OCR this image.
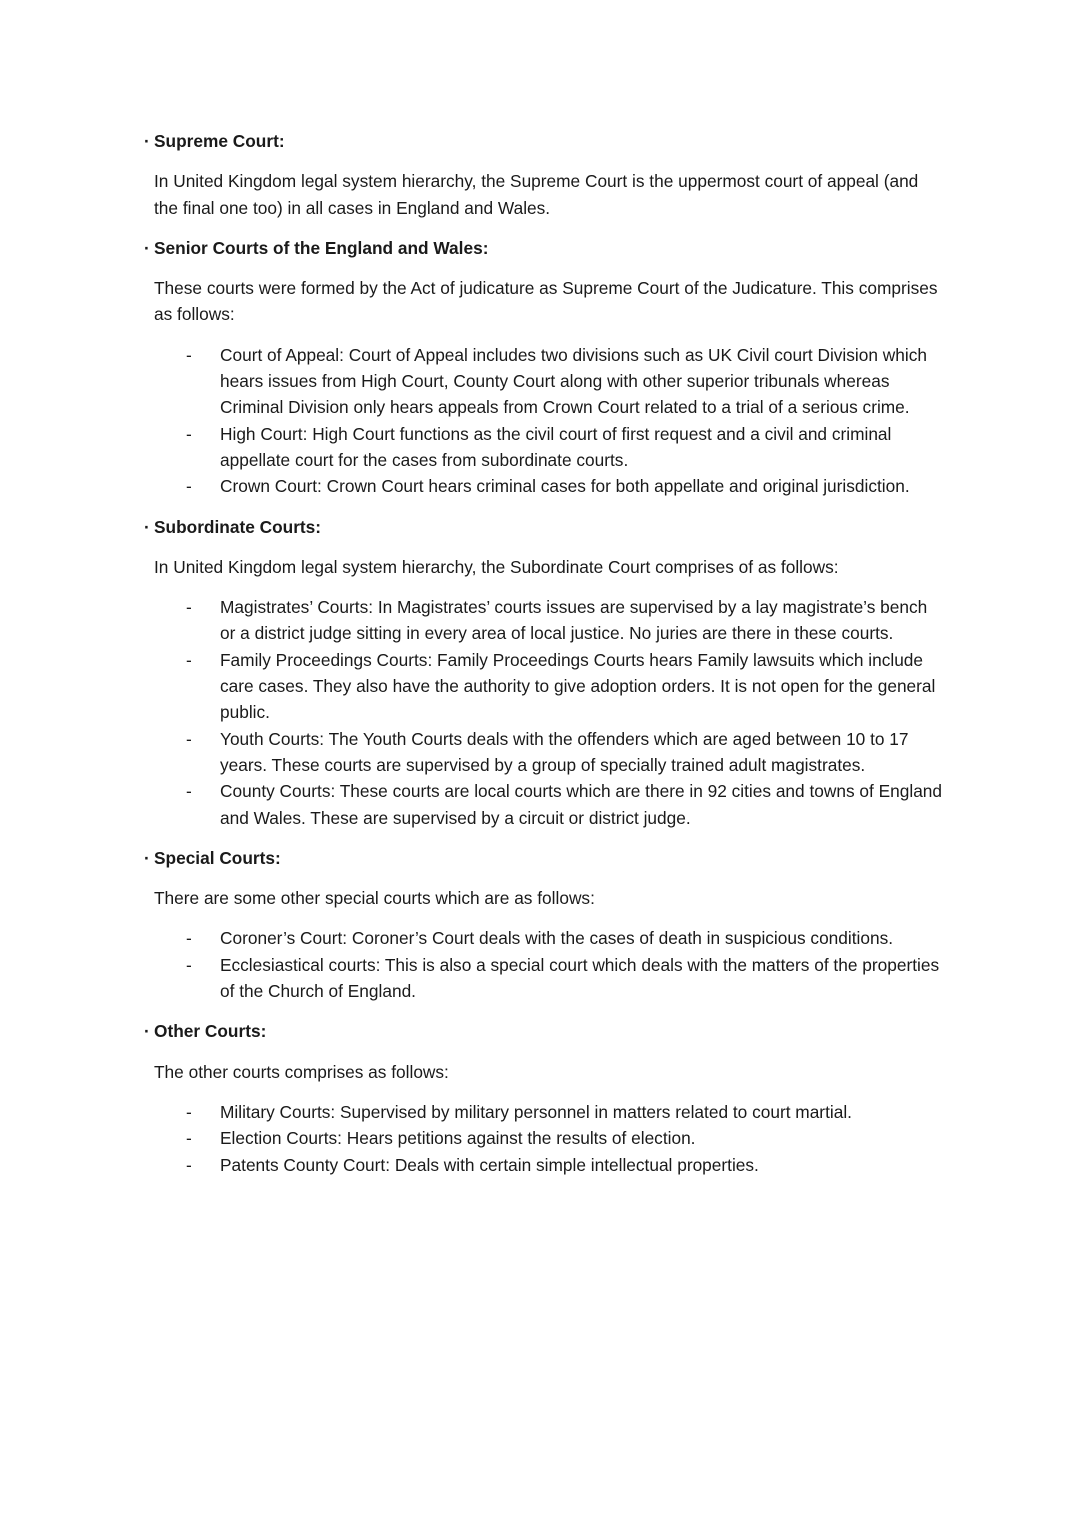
· Supreme Court:

In United Kingdom legal system hierarchy, the Supreme Court is the uppermost court of appeal (and the final one too) in all cases in England and Wales.

· Senior Courts of the England and Wales:

These courts were formed by the Act of judicature as Supreme Court of the Judicature. This comprises as follows:

- Court of Appeal: Court of Appeal includes two divisions such as UK Civil court Division which hears issues from High Court, County Court along with other superior tribunals whereas Criminal Division only hears appeals from Crown Court related to a trial of a serious crime.
- High Court: High Court functions as the civil court of first request and a civil and criminal appellate court for the cases from subordinate courts.
- Crown Court: Crown Court hears criminal cases for both appellate and original jurisdiction.

· Subordinate Courts:

In United Kingdom legal system hierarchy, the Subordinate Court comprises of as follows:

- Magistrates’ Courts: In Magistrates’ courts issues are supervised by a lay magistrate’s bench or a district judge sitting in every area of local justice. No juries are there in these courts.
- Family Proceedings Courts: Family Proceedings Courts hears Family lawsuits which include care cases. They also have the authority to give adoption orders. It is not open for the general public.
- Youth Courts: The Youth Courts deals with the offenders which are aged between 10 to 17 years. These courts are supervised by a group of specially trained adult magistrates.
- County Courts: These courts are local courts which are there in 92 cities and towns of England and Wales. These are supervised by a circuit or district judge.

· Special Courts:

There are some other special courts which are as follows:

- Coroner’s Court: Coroner’s Court deals with the cases of death in suspicious conditions.
- Ecclesiastical courts: This is also a special court which deals with the matters of the properties of the Church of England.

· Other Courts:

The other courts comprises as follows:

- Military Courts: Supervised by military personnel in matters related to court martial.
- Election Courts: Hears petitions against the results of election.
- Patents County Court: Deals with certain simple intellectual properties.
